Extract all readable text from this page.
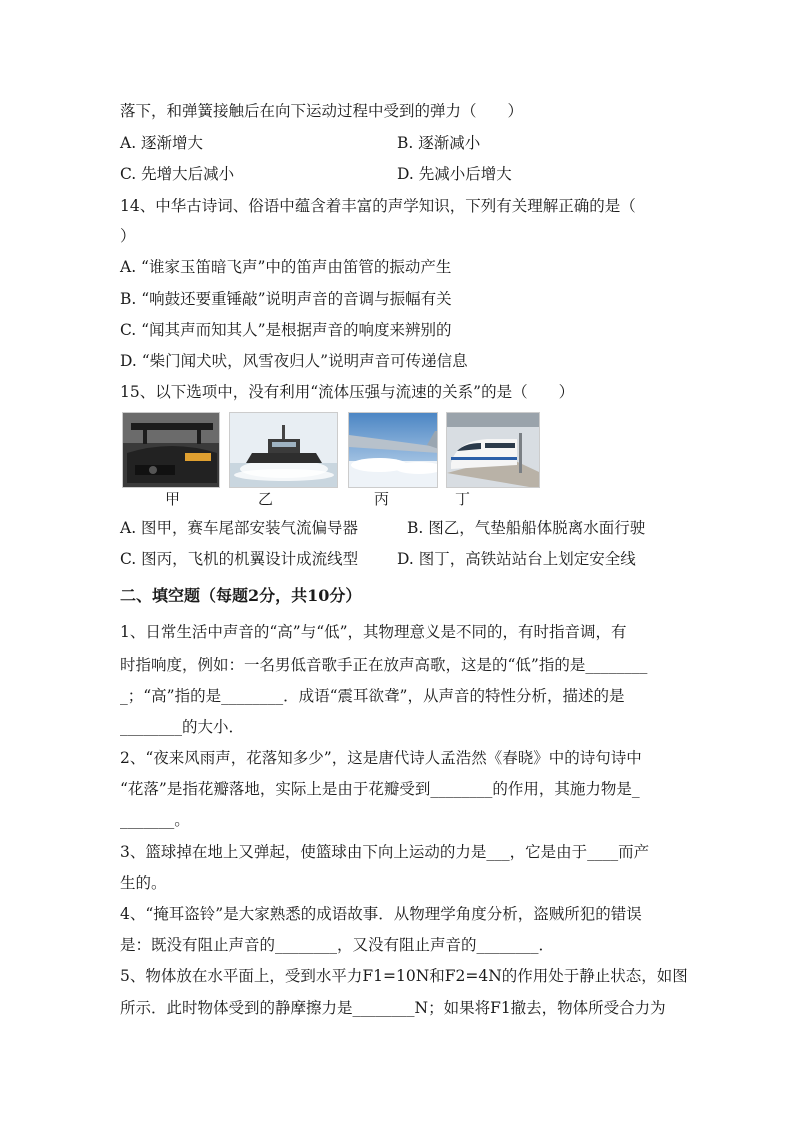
落下，和弹簧接触后在向下运动过程中受到的弹力（　　）
A. 逐渐增大	B. 逐渐减小
C. 先增大后减小	D. 先减小后增大
14、中华古诗词、俗语中蕴含着丰富的声学知识，下列有关理解正确的是（
）
A. “谁家玉笛暗飞声”中的笛声由笛管的振动产生
B. “响鼓还要重锤敲”说明声音的音调与振幅有关
C. “闻其声而知其人”是根据声音的响度来辨别的
D. “柴门闻犬吠，风雪夜归人”说明声音可传递信息
15、以下选项中，没有利用“流体压强与流速的关系”的是（　　）
甲	乙	丙	丁
A. 图甲，赛车尾部安装气流偏导器	B. 图乙，气垫船船体脱离水面行驶
C. 图丙，飞机的机翼设计成流线型	D. 图丁，高铁站站台上划定安全线
二、填空题（每题2分，共10分）
1、日常生活中声音的“高”与“低”，其物理意义是不同的，有时指音调，有
时指响度，例如：一名男低音歌手正在放声高歌，这是的“低”指的是________
_；“高”指的是________．成语“震耳欲聋”，从声音的特性分析，描述的是
________的大小．
2、“夜来风雨声，花落知多少”，这是唐代诗人孟浩然《春晓》中的诗句诗中
“花落”是指花瓣落地，实际上是由于花瓣受到________的作用，其施力物是_
_______。
3、篮球掉在地上又弹起，使篮球由下向上运动的力是___，它是由于____而产
生的。
4、“掩耳盗铃”是大家熟悉的成语故事．从物理学角度分析，盗贼所犯的错误
是：既没有阻止声音的________，又没有阻止声音的________．
5、物体放在水平面上，受到水平力F1=10N和F2=4N的作用处于静止状态，如图
所示．此时物体受到的静摩擦力是________N；如果将F1撤去，物体所受合力为
